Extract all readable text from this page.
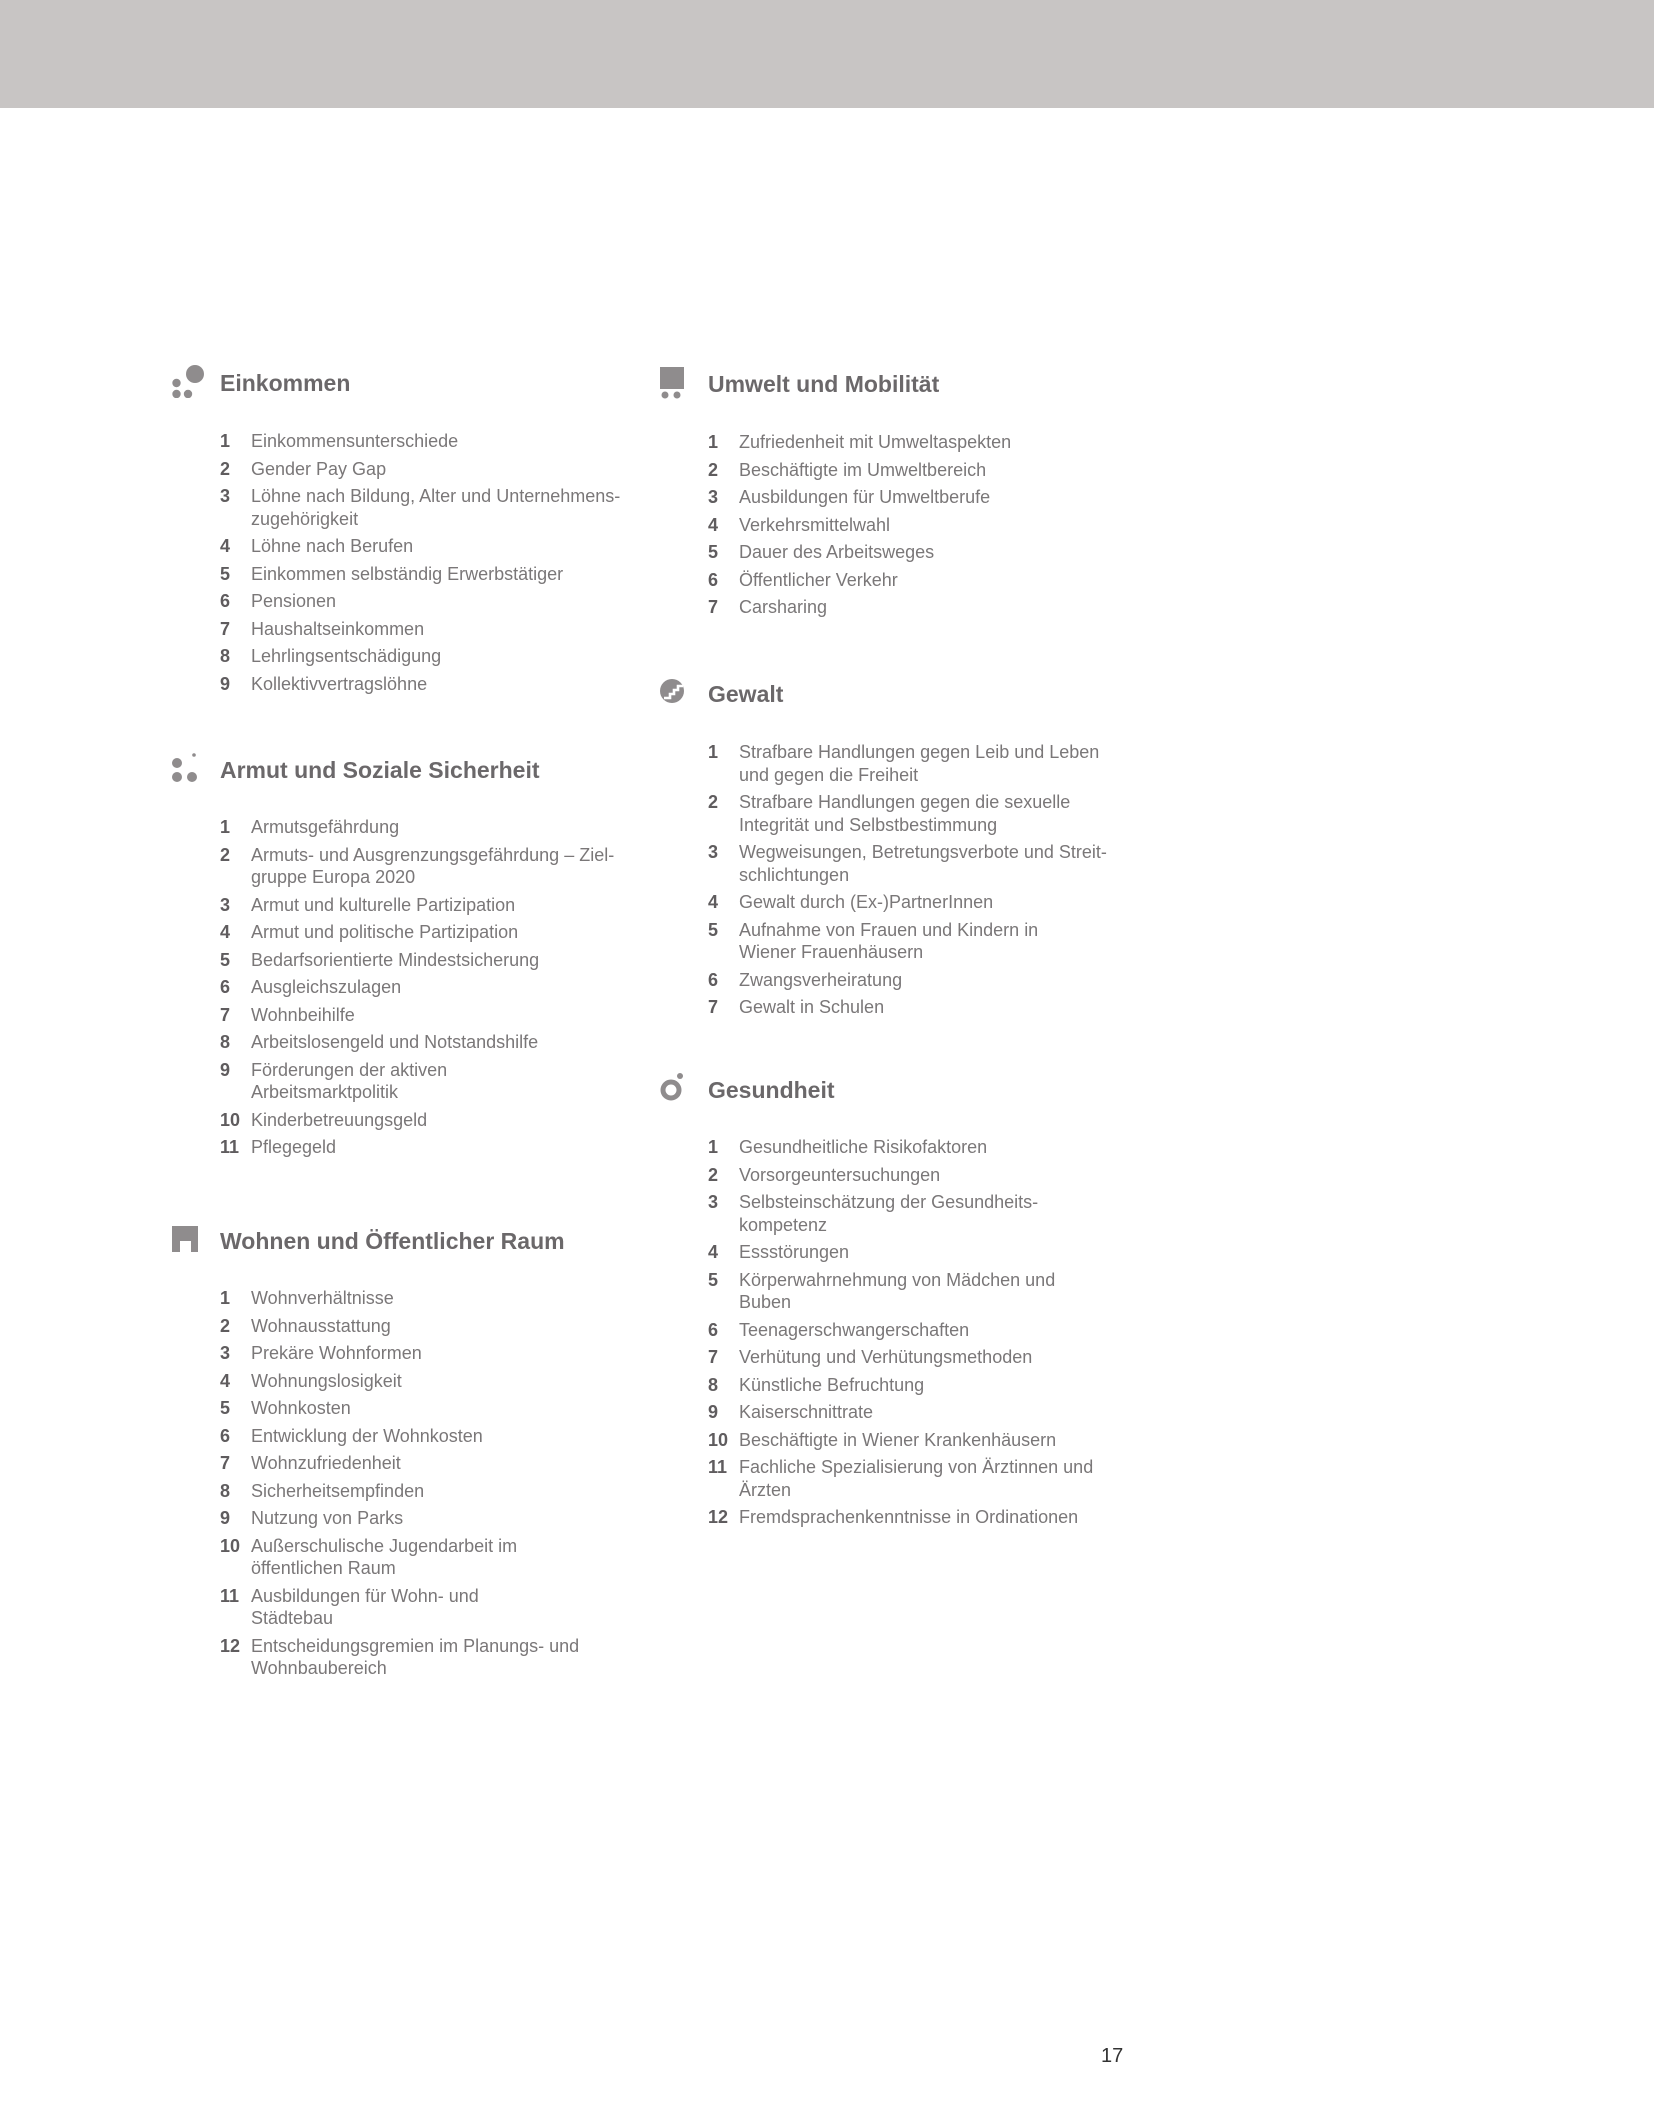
Einkommen
1 Einkommensunterschiede
2 Gender Pay Gap
3 Löhne nach Bildung, Alter und Unternehmens-
zugehörigkeit
4 Löhne nach Berufen
5 Einkommen selbständig Erwerbstätiger
6 Pensionen
7 Haushaltseinkommen
8 Lehrlingsentschädigung
9 Kollektivvertragslöhne
Armut und Soziale Sicherheit
1 Armutsgefährdung
2 Armuts- und Ausgrenzungsgefährdung – Ziel-
gruppe Europa 2020
3 Armut und kulturelle Partizipation
4 Armut und politische Partizipation
5 Bedarfsorientierte Mindestsicherung
6 Ausgleichszulagen
7 Wohnbeihilfe
8 Arbeitslosengeld und Notstandshilfe
9 Förderungen der aktiven
Arbeitsmarktpolitik
10 Kinderbetreuungsgeld
11 Pflegegeld
Wohnen und Öffentlicher Raum
1 Wohnverhältnisse
2 Wohnausstattung
3 Prekäre Wohnformen
4 Wohnungslosigkeit
5 Wohnkosten
6 Entwicklung der Wohnkosten
7 Wohnzufriedenheit
8 Sicherheitsempfinden
9 Nutzung von Parks
10 Außerschulische Jugendarbeit im
öffentlichen Raum
11 Ausbildungen für Wohn- und
Städtebau
12 Entscheidungsgremien im Planungs- und
Wohnbaubereich
Umwelt und Mobilität
1 Zufriedenheit mit Umweltaspekten
2 Beschäftigte im Umweltbereich
3 Ausbildungen für Umweltberufe
4 Verkehrsmittelwahl
5 Dauer des Arbeitsweges
6 Öffentlicher Verkehr
7 Carsharing
Gewalt
1 Strafbare Handlungen gegen Leib und Leben
und gegen die Freiheit
2 Strafbare Handlungen gegen die sexuelle
Integrität und Selbstbestimmung
3 Wegweisungen, Betretungsverbote und Streit-
schlichtungen
4 Gewalt durch (Ex-)PartnerInnen
5 Aufnahme von Frauen und Kindern in
Wiener Frauenhäusern
6 Zwangsverheiratung
7 Gewalt in Schulen
Gesundheit
1 Gesundheitliche Risikofaktoren
2 Vorsorgeuntersuchungen
3 Selbsteinschätzung der Gesundheits-
kompetenz
4 Essstörungen
5 Körperwahrnehmung von Mädchen und
Buben
6 Teenagerschwangerschaften
7 Verhütung und Verhütungsmethoden
8 Künstliche Befruchtung
9 Kaiserschnittrate
10 Beschäftigte in Wiener Krankenhäusern
11 Fachliche Spezialisierung von Ärztinnen und
Ärzten
12 Fremdsprachenkenntnisse in Ordinationen
17
